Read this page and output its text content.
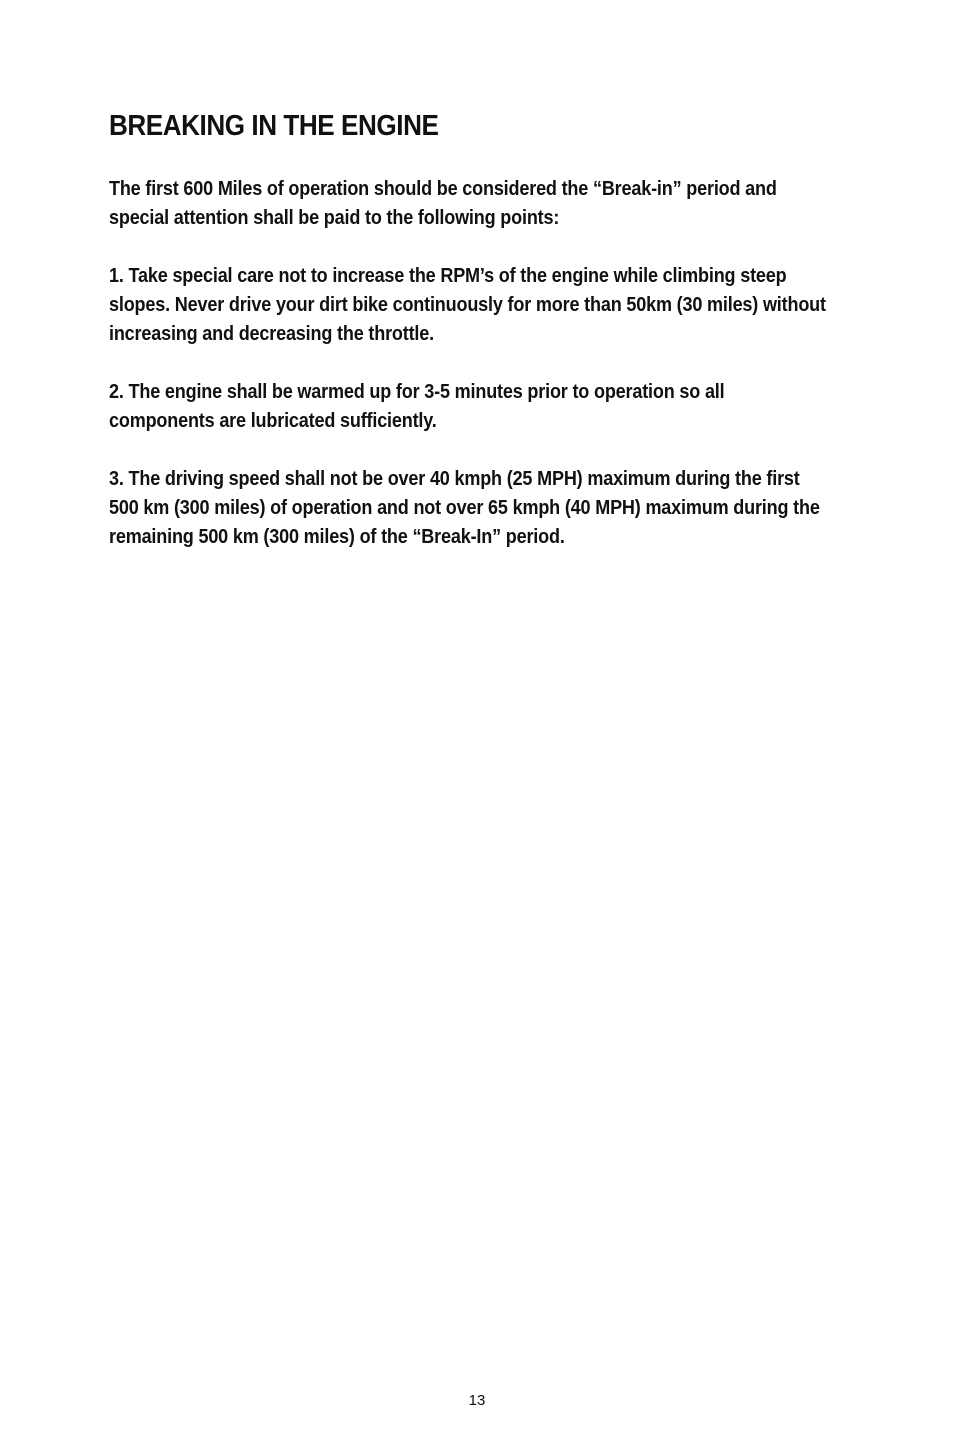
BREAKING IN THE ENGINE

The first 600 Miles of operation should be considered the “Break-in” period and special attention shall be paid to the following points:

1. Take special care not to increase the RPM’s of the engine while climbing steep slopes. Never drive your dirt bike continuously for more than 50km (30 miles) without increasing and decreasing the throttle.

2. The engine shall be warmed up for 3-5 minutes prior to operation so all components are lubricated sufficiently.

3. The driving speed shall not be over 40 kmph (25 MPH) maximum during the first 500 km (300 miles) of operation and not over 65 kmph (40 MPH) maximum during the remaining 500 km (300 miles) of the “Break-In” period.

13
